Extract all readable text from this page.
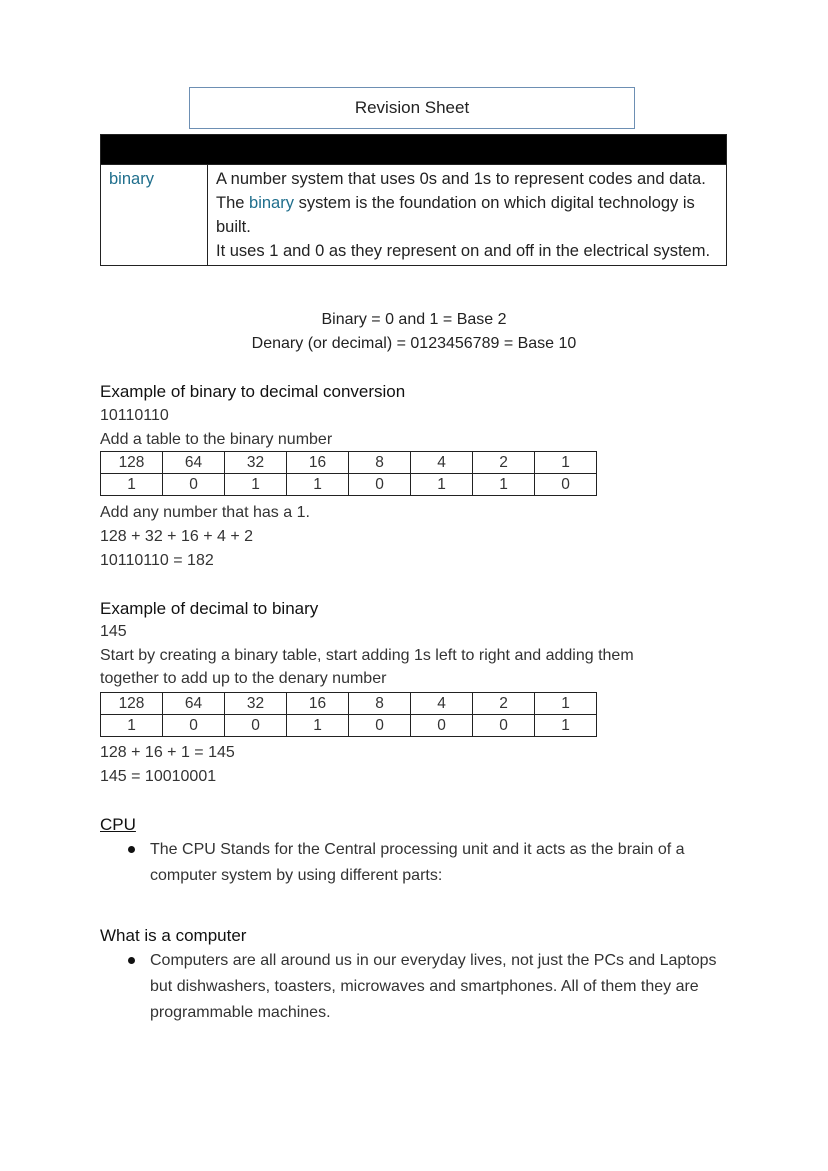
Revision Sheet

binary	A number system that uses 0s and 1s to represent codes and data. The binary system is the foundation on which digital technology is built.
It uses 1 and 0 as they represent on and off in the electrical system.
Binary = 0 and 1 = Base 2
Denary (or decimal) = 0123456789 = Base 10
Example of binary to decimal conversion
10110110
Add a table to the binary number
128	64	32	16	8	4	2	1
1	0	1	1	0	1	1	0
Add any number that has a 1.
128 + 32 + 16 + 4 + 2
10110110 = 182
Example of decimal to binary
145
Start by creating a binary table, start adding 1s left to right and adding them
together to add up to the denary number
128	64	32	16	8	4	2	1
1	0	0	1	0	0	0	1
128 + 16 + 1 = 145
145 = 10010001
CPU
The CPU Stands for the Central processing unit and it acts as the brain of a computer system by using different parts:
What is a computer
Computers are all around us in our everyday lives, not just the PCs and Laptops but dishwashers, toasters, microwaves and smartphones. All of them they are programmable machines.
